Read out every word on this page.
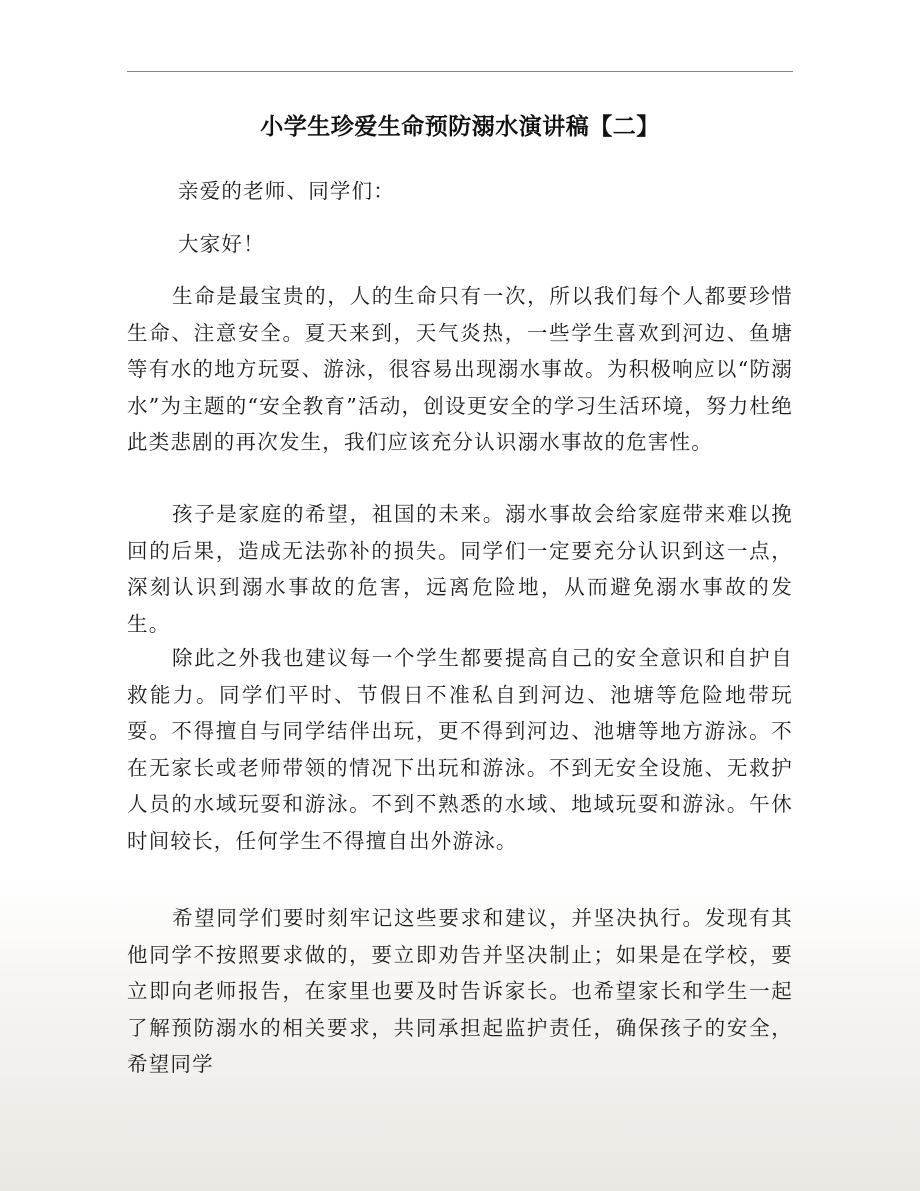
小学生珍爱生命预防溺水演讲稿【二】

亲爱的老师、同学们：

大家好！

生命是最宝贵的，人的生命只有一次，所以我们每个人都要珍惜生命、注意安全。夏天来到，天气炎热，一些学生喜欢到河边、鱼塘等有水的地方玩耍、游泳，很容易出现溺水事故。为积极响应以“防溺水”为主题的“安全教育”活动，创设更安全的学习生活环境，努力杜绝此类悲剧的再次发生，我们应该充分认识溺水事故的危害性。

孩子是家庭的希望，祖国的未来。溺水事故会给家庭带来难以挽回的后果，造成无法弥补的损失。同学们一定要充分认识到这一点，深刻认识到溺水事故的危害，远离危险地，从而避免溺水事故的发生。

除此之外我也建议每一个学生都要提高自己的安全意识和自护自救能力。同学们平时、节假日不准私自到河边、池塘等危险地带玩耍。不得擅自与同学结伴出玩，更不得到河边、池塘等地方游泳。不在无家长或老师带领的情况下出玩和游泳。不到无安全设施、无救护人员的水域玩耍和游泳。不到不熟悉的水域、地域玩耍和游泳。午休时间较长，任何学生不得擅自出外游泳。

希望同学们要时刻牢记这些要求和建议，并坚决执行。发现有其他同学不按照要求做的，要立即劝告并坚决制止；如果是在学校，要立即向老师报告，在家里也要及时告诉家长。也希望家长和学生一起了解预防溺水的相关要求，共同承担起监护责任，确保孩子的安全，希望同学
